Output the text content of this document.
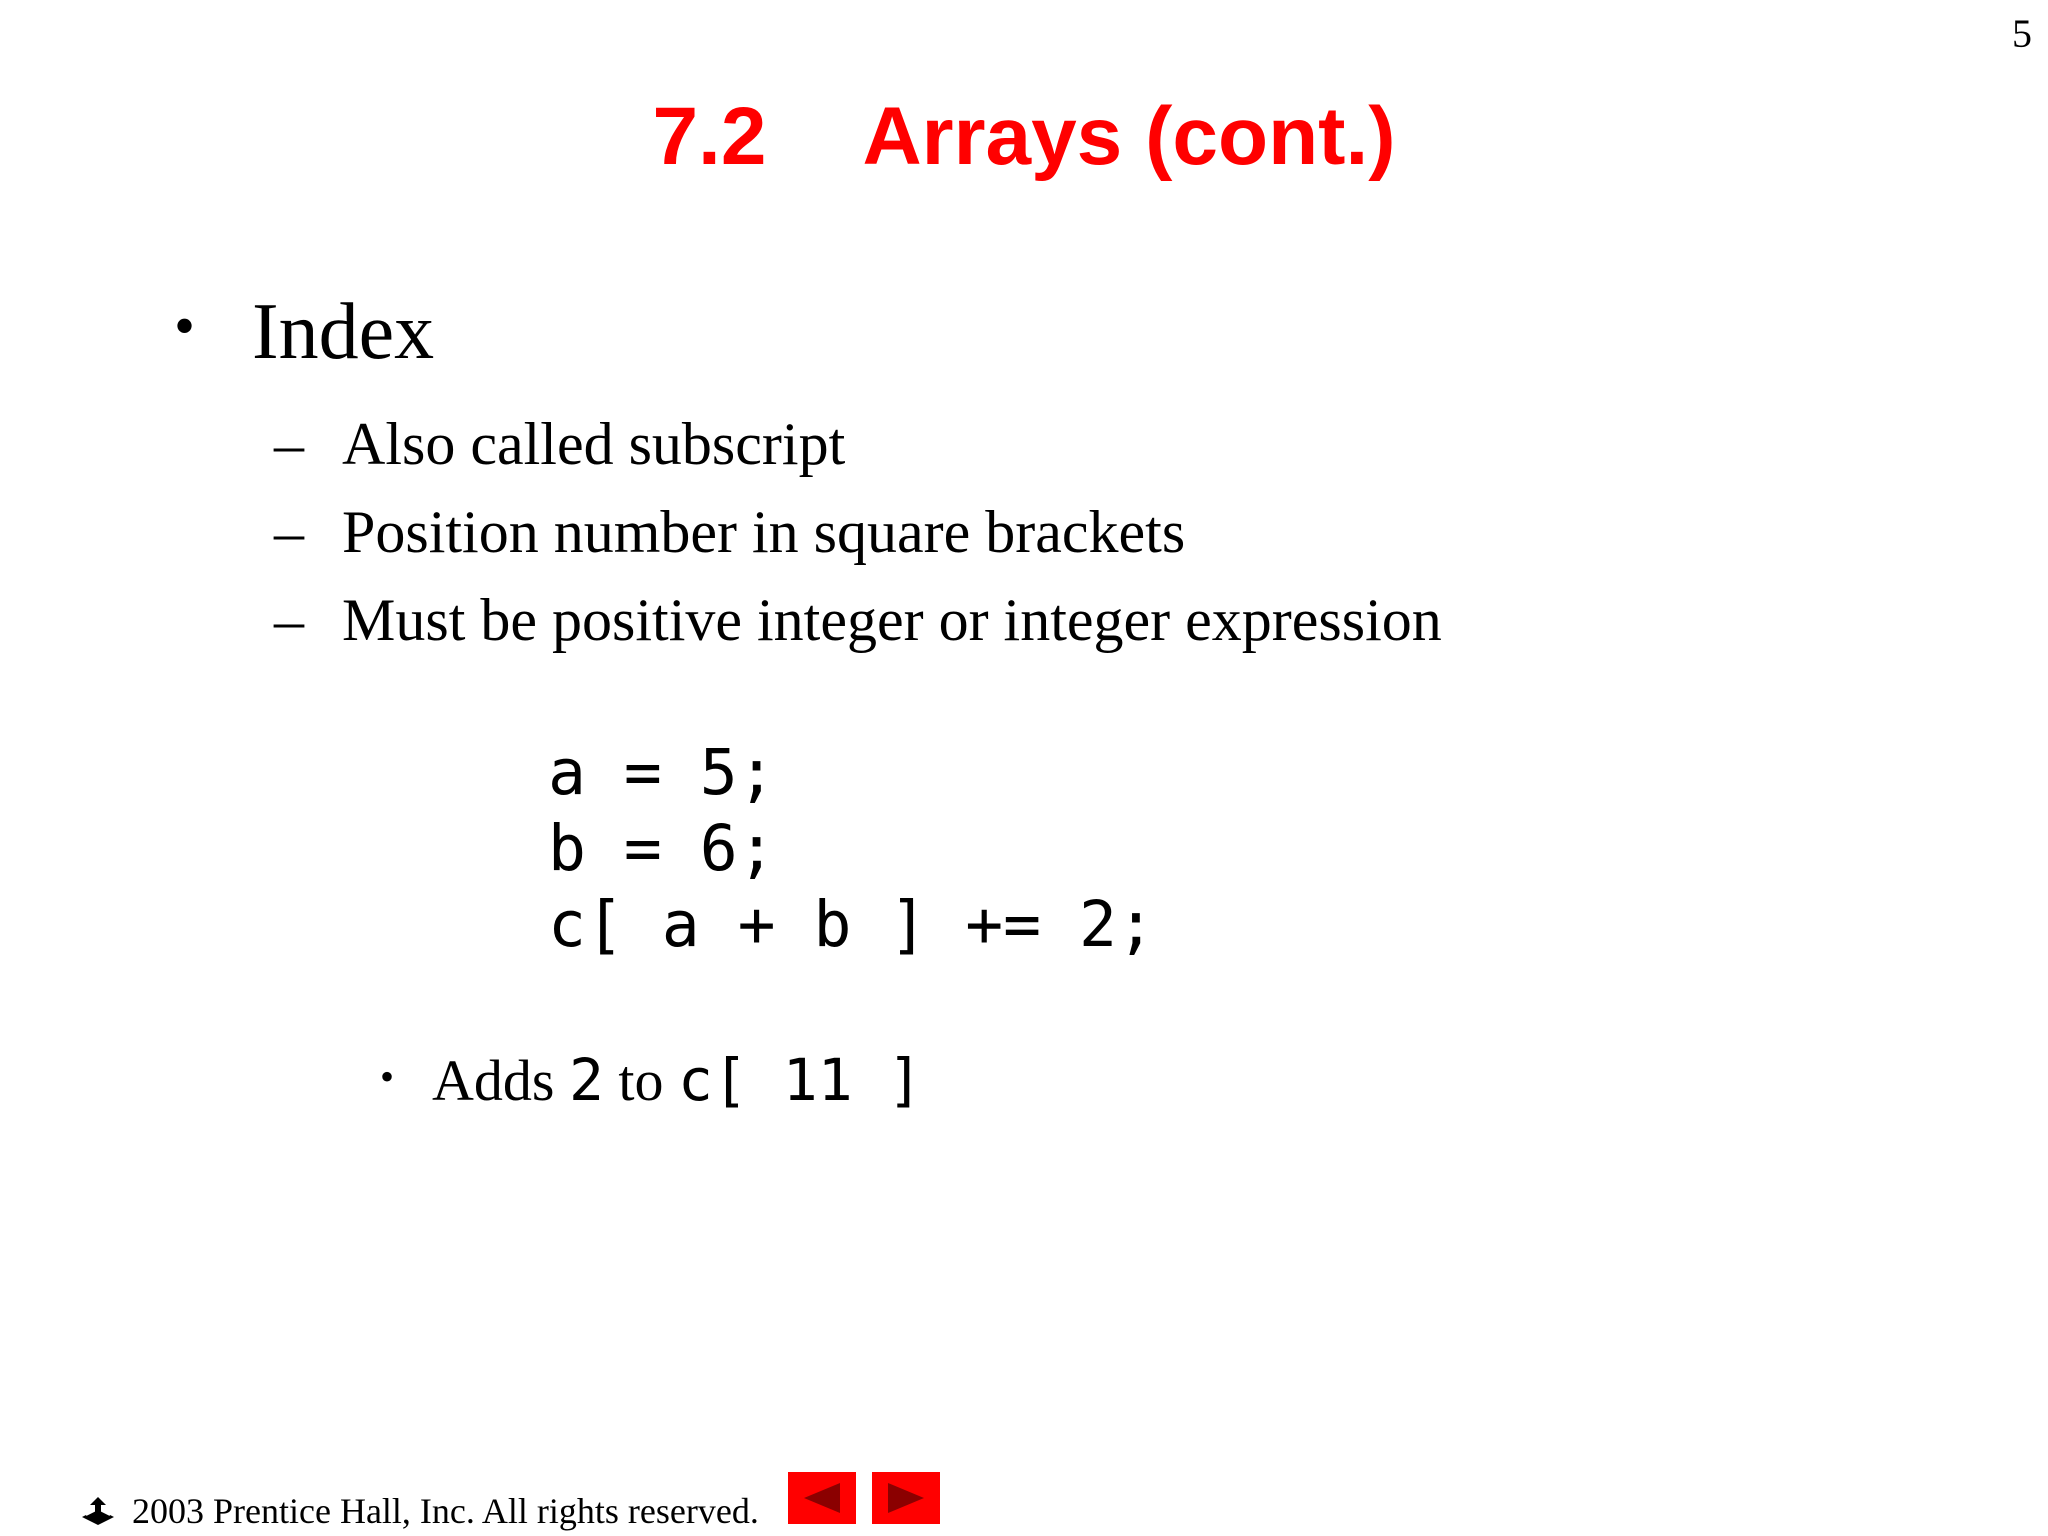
5
7.2 Arrays (cont.)
• Index
– Also called subscript
– Position number in square brackets
– Must be positive integer or integer expression
a = 5;
b = 6;
c[ a + b ] += 2;
• Adds 2 to c[ 11 ]
2003 Prentice Hall, Inc. All rights reserved.
